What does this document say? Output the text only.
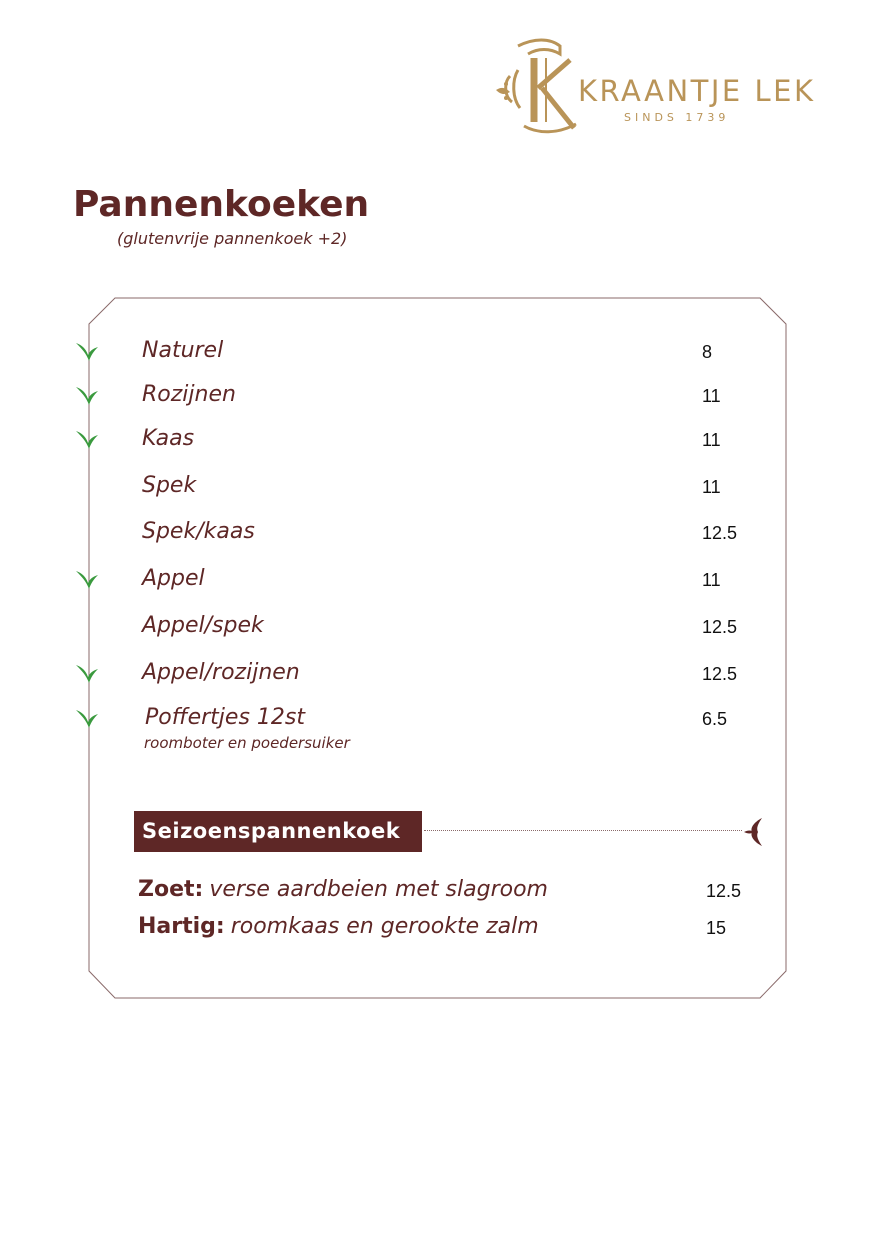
KRAANTJE LEK
SINDS 1739
Pannenkoeken
(glutenvrije pannenkoek +2)
Naturel	8
Rozijnen	11
Kaas	11
Spek	11
Spek/kaas	12.5
Appel	11
Appel/spek	12.5
Appel/rozijnen	12.5
Poffertjes 12st	6.5
roomboter en poedersuiker
Seizoenspannenkoek
Zoet: verse aardbeien met slagroom	12.5
Hartig: roomkaas en gerookte zalm	15
